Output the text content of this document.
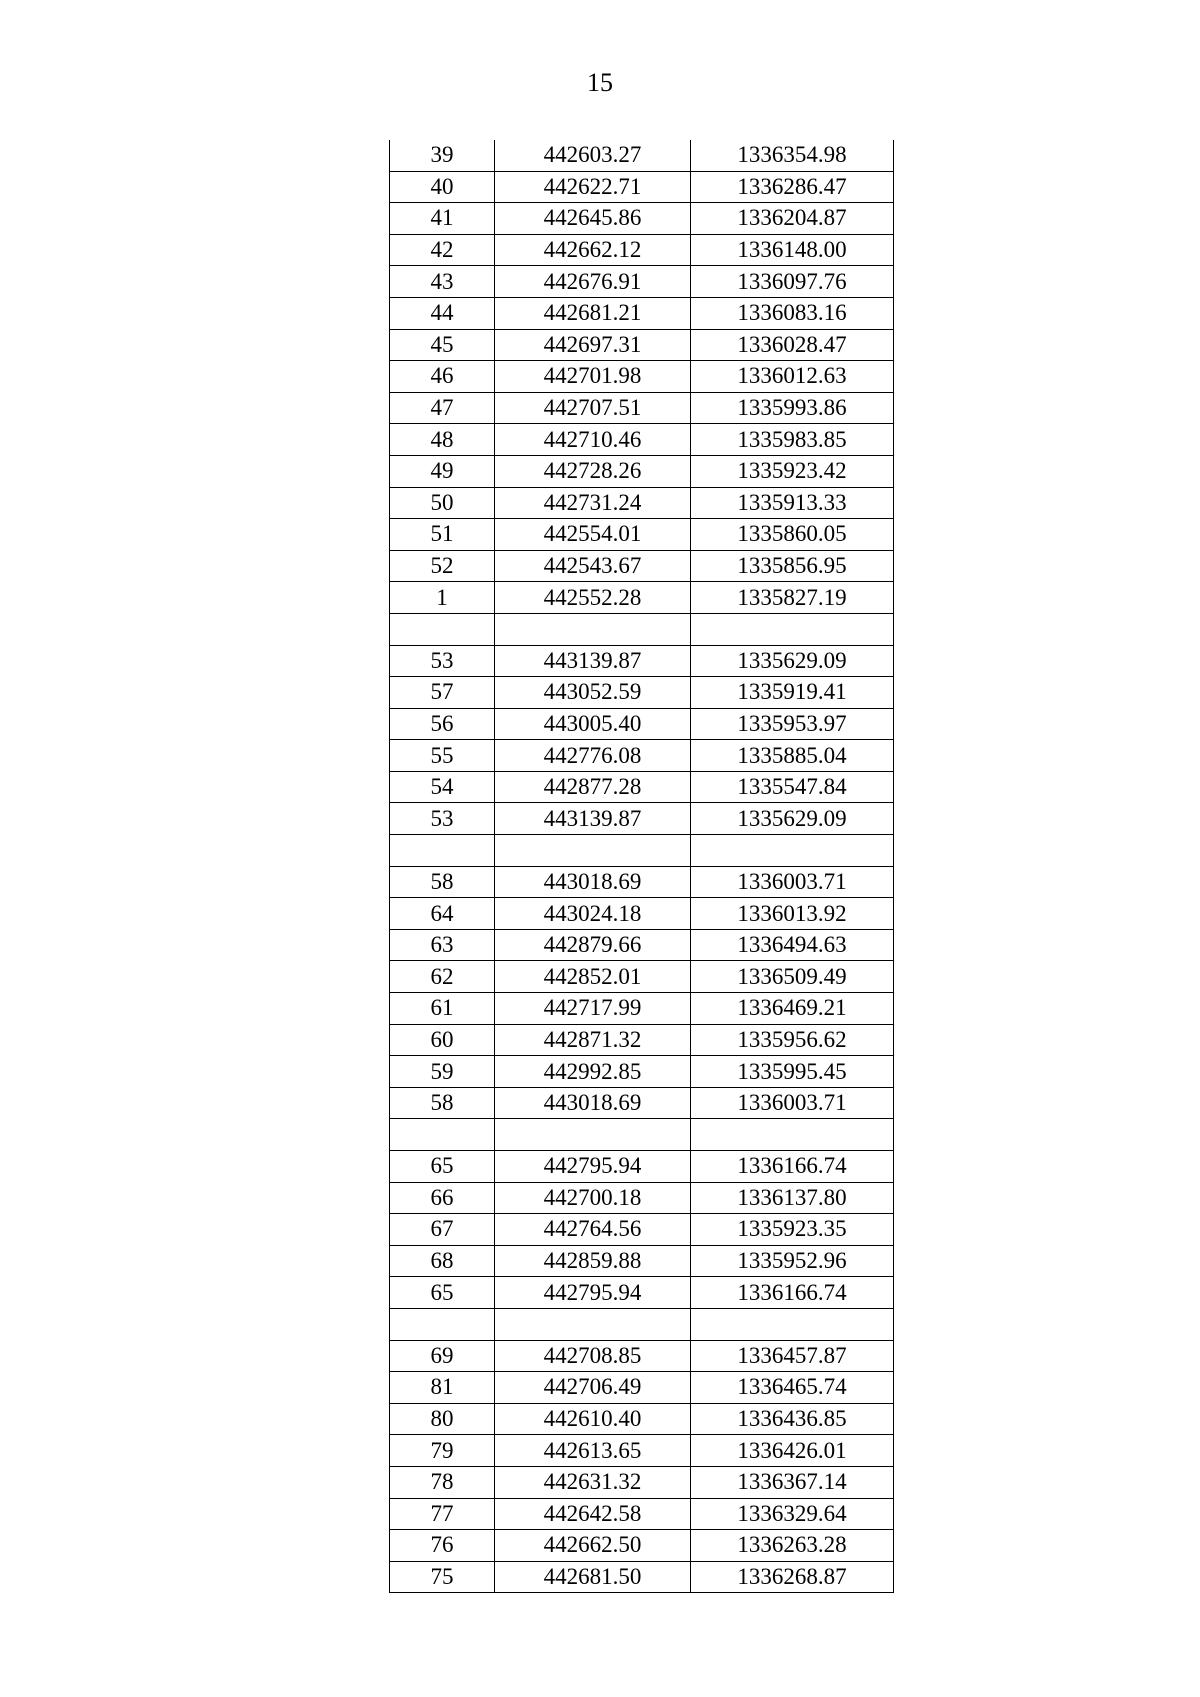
15
39	442603.27	1336354.98
40	442622.71	1336286.47
41	442645.86	1336204.87
42	442662.12	1336148.00
43	442676.91	1336097.76
44	442681.21	1336083.16
45	442697.31	1336028.47
46	442701.98	1336012.63
47	442707.51	1335993.86
48	442710.46	1335983.85
49	442728.26	1335923.42
50	442731.24	1335913.33
51	442554.01	1335860.05
52	442543.67	1335856.95
1	442552.28	1335827.19

53	443139.87	1335629.09
57	443052.59	1335919.41
56	443005.40	1335953.97
55	442776.08	1335885.04
54	442877.28	1335547.84
53	443139.87	1335629.09

58	443018.69	1336003.71
64	443024.18	1336013.92
63	442879.66	1336494.63
62	442852.01	1336509.49
61	442717.99	1336469.21
60	442871.32	1335956.62
59	442992.85	1335995.45
58	443018.69	1336003.71

65	442795.94	1336166.74
66	442700.18	1336137.80
67	442764.56	1335923.35
68	442859.88	1335952.96
65	442795.94	1336166.74

69	442708.85	1336457.87
81	442706.49	1336465.74
80	442610.40	1336436.85
79	442613.65	1336426.01
78	442631.32	1336367.14
77	442642.58	1336329.64
76	442662.50	1336263.28
75	442681.50	1336268.87
